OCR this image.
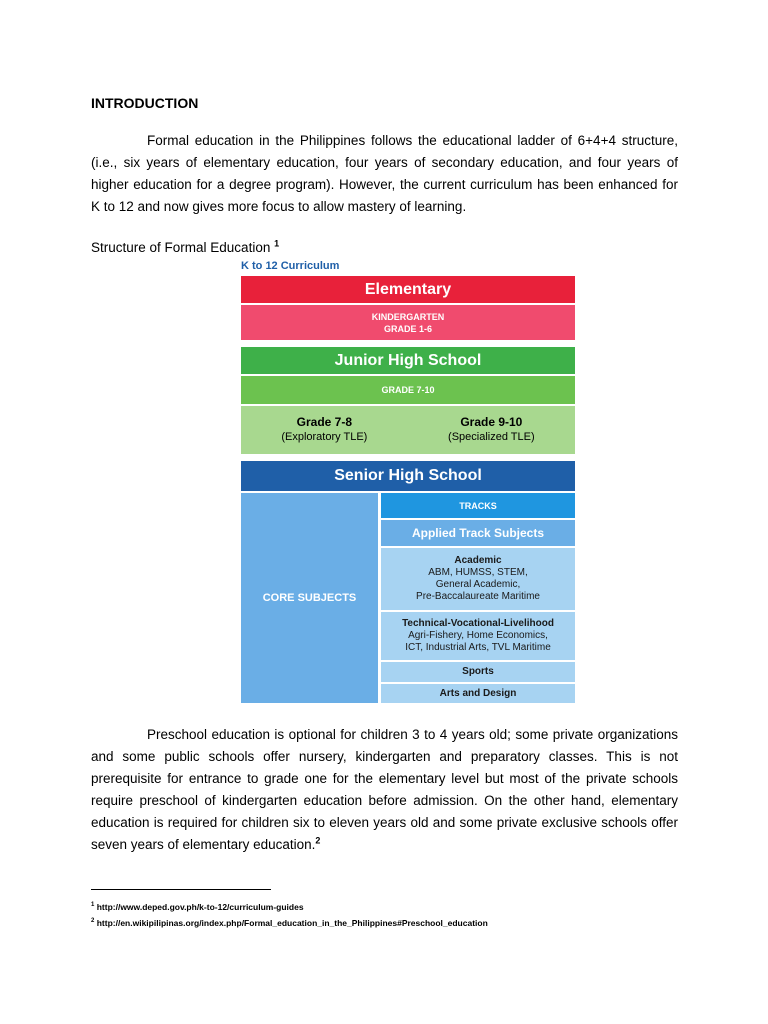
INTRODUCTION

Formal education in the Philippines follows the educational ladder of 6+4+4 structure, (i.e., six years of elementary education, four years of secondary education, and four years of higher education for a degree program). However, the current curriculum has been enhanced for K to 12 and now gives more focus to allow mastery of learning.

Structure of Formal Education $^1$
K to 12 Curriculum
Elementary
KINDERGARTEN
GRADE 1-6
Junior High School
GRADE 7-10
Grade 7-8
(Exploratory TLE)
Grade 9-10
(Specialized TLE)
Senior High School
CORE SUBJECTS
TRACKS
Applied Track Subjects
Academic
ABM, HUMSS, STEM,
General Academic,
Pre-Baccalaureate Maritime
Technical-Vocational-Livelihood
Agri-Fishery, Home Economics,
ICT, Industrial Arts, TVL Maritime
Sports
Arts and Design

Preschool education is optional for children 3 to 4 years old; some private organizations and some public schools offer nursery, kindergarten and preparatory classes. This is not prerequisite for entrance to grade one for the elementary level but most of the private schools require preschool of kindergarten education before admission. On the other hand, elementary education is required for children six to eleven years old and some private exclusive schools offer seven years of elementary education.$^2$

$^1$ http://www.deped.gov.ph/k-to-12/curriculum-guides
$^2$ http://en.wikipilipinas.org/index.php/Formal_education_in_the_Philippines#Preschool_education
